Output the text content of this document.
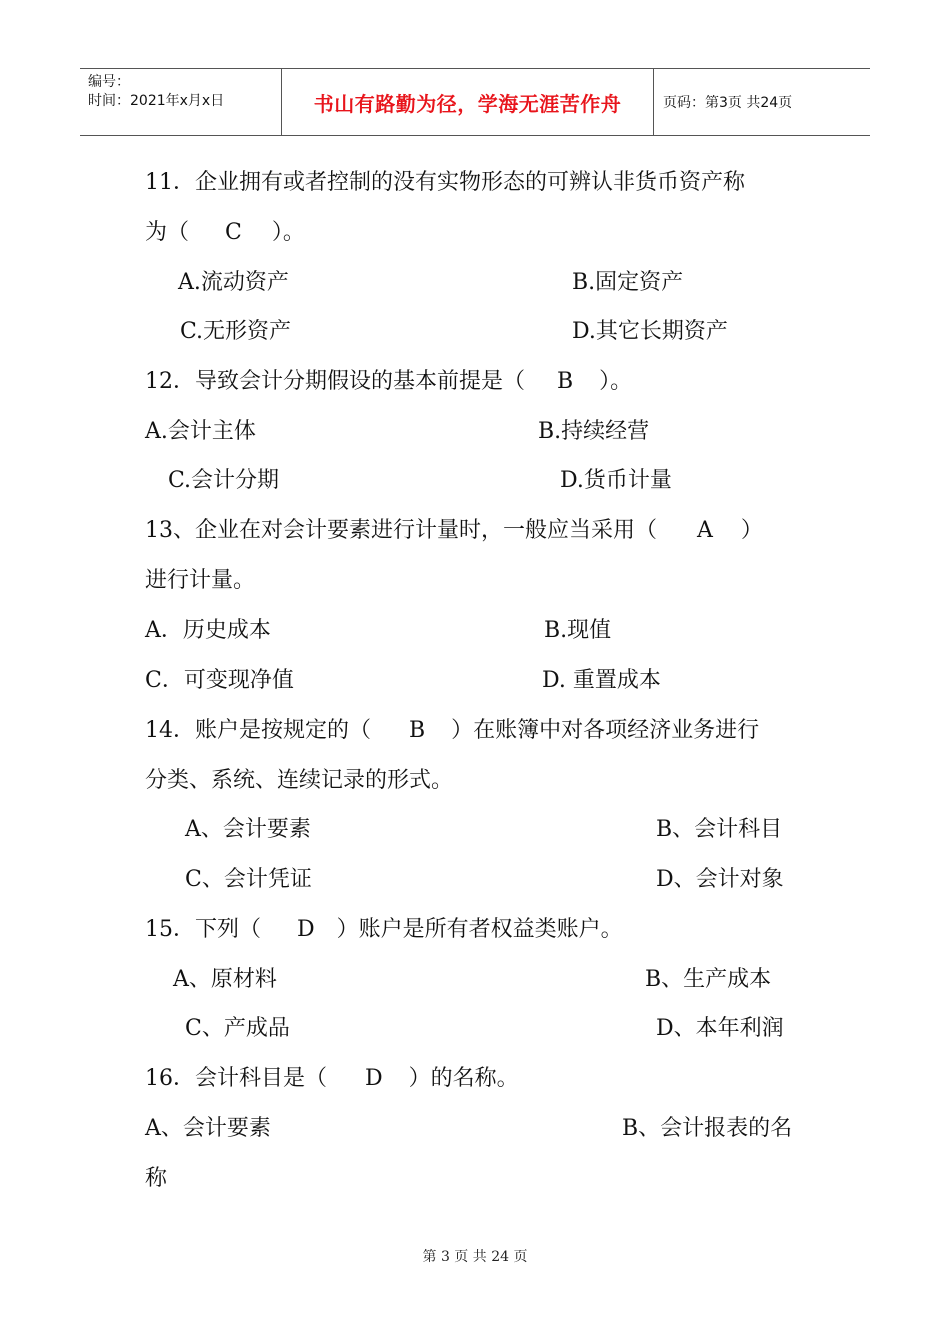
编号：
时间：2021年x月x日	书山有路勤为径，学海无涯苦作舟	页码：第3页 共24页
11．企业拥有或者控制的没有实物形态的可辨认非货币资产称
为（ C ）。
A.流动资产	B.固定资产
C.无形资产	D.其它长期资产
12．导致会计分期假设的基本前提是（ B ）。
A.会计主体	B.持续经营
C.会计分期	D.货币计量
13、企业在对会计要素进行计量时，一般应当采用（ A ）
进行计量。
A．历史成本	B.现值
C．可变现净值	D. 重置成本
14．账户是按规定的（ B ）在账簿中对各项经济业务进行
分类、系统、连续记录的形式。
A、会计要素	B、会计科目
C、会计凭证	D、会计对象
15．下列（ D ）账户是所有者权益类账户。
A、原材料	B、生产成本
C、产成品	D、本年利润
16．会计科目是（ D ）的名称。
A、会计要素	B、会计报表的名
称
第 3 页 共 24 页
